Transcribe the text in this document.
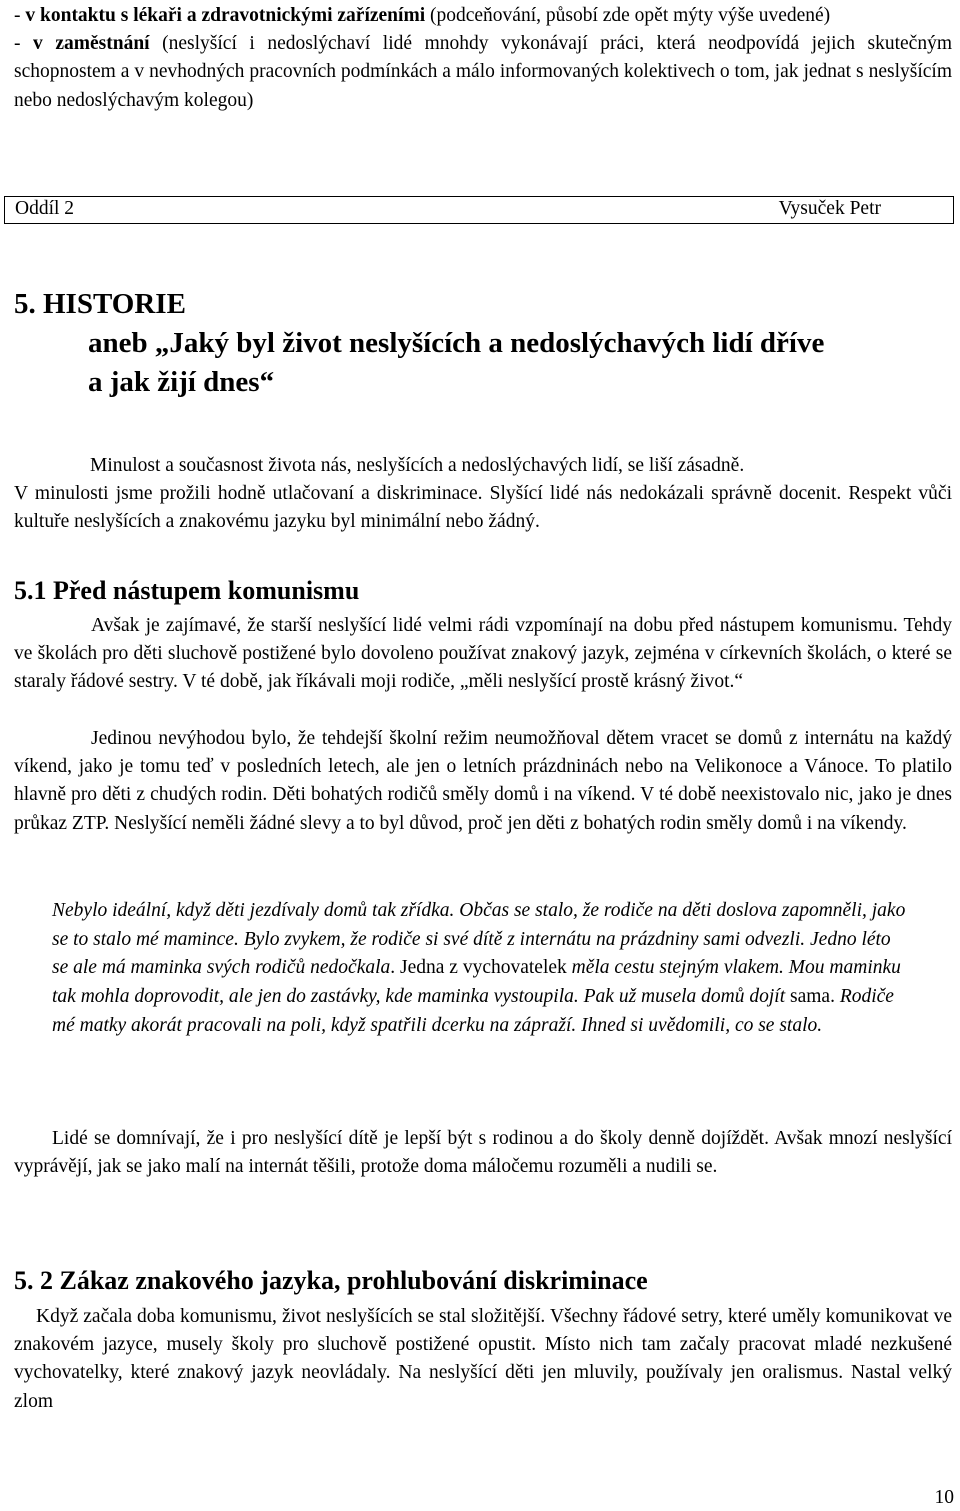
- v kontaktu s lékaři a zdravotnickými zařízeními (podceňování, působí zde opět mýty výše uvedené)

- v zaměstnání (neslyšící i nedoslýchaví lidé mnohdy vykonávají práci, která neodpovídá jejich skutečným schopnostem a v nevhodných pracovních podmínkách a málo informovaných kolektivech o tom, jak jednat s neslyšícím nebo nedoslýchavým kolegou)

Oddíl 2	Vysuček Petr
5. HISTORIE
aneb „Jaký byl život neslyšících a nedoslýchavých lidí dříve
a jak žijí dnes“

Minulost a současnost života nás, neslyšících a nedoslýchavých lidí, se liší zásadně.
V minulosti jsme prožili hodně utlačovaní a diskriminace. Slyšící lidé nás nedokázali správně docenit. Respekt vůči kultuře neslyšících a znakovému jazyku byl minimální nebo žádný.

5.1 Před nástupem komunismu

Avšak je zajímavé, že starší neslyšící lidé velmi rádi vzpomínají na dobu před nástupem komunismu. Tehdy ve školách pro děti sluchově postižené bylo dovoleno používat znakový jazyk, zejména v církevních školách, o které se staraly řádové sestry. V té době, jak říkávali moji rodiče, „měli neslyšící prostě krásný život.“

Jedinou nevýhodou bylo, že tehdejší školní režim neumožňoval dětem vracet se domů z internátu na každý víkend, jako je tomu teď v posledních letech, ale jen o letních prázdninách nebo na Velikonoce a Vánoce. To platilo hlavně pro děti z chudých rodin. Děti bohatých rodičů směly domů i na víkend. V té době neexistovalo nic, jako je dnes průkaz ZTP. Neslyšící neměli žádné slevy a to byl důvod, proč jen děti z bohatých rodin směly domů i na víkendy.

Nebylo ideální, když děti jezdívaly domů tak zřídka. Občas se stalo, že rodiče na děti doslova zapomněli, jako se to stalo mé mamince. Bylo zvykem, že rodiče si své dítě z internátu na prázdniny sami odvezli. Jedno léto se ale má maminka svých rodičů nedočkala. Jedna z vychovatelek měla cestu stejným vlakem. Mou maminku tak mohla doprovodit, ale jen do zastávky, kde maminka vystoupila. Pak už musela domů dojít sama. Rodiče mé matky akorát pracovali na poli, když spatřili dcerku na zápraží. Ihned si uvědomili, co se stalo.

Lidé se domnívají, že i pro neslyšící dítě je lepší být s rodinou a do školy denně dojíždět. Avšak mnozí neslyšící vyprávějí, jak se jako malí na internát těšili, protože doma máločemu rozuměli a nudili se.

5. 2 Zákaz znakového jazyka, prohlubování diskriminace

Když začala doba komunismu, život neslyšících se stal složitější. Všechny řádové setry, které uměly komunikovat ve znakovém jazyce, musely školy pro sluchově postižené opustit. Místo nich tam začaly pracovat mladé nezkušené vychovatelky, které znakový jazyk neovládaly. Na neslyšící děti jen mluvily, používaly jen oralismus. Nastal velký zlom

10
